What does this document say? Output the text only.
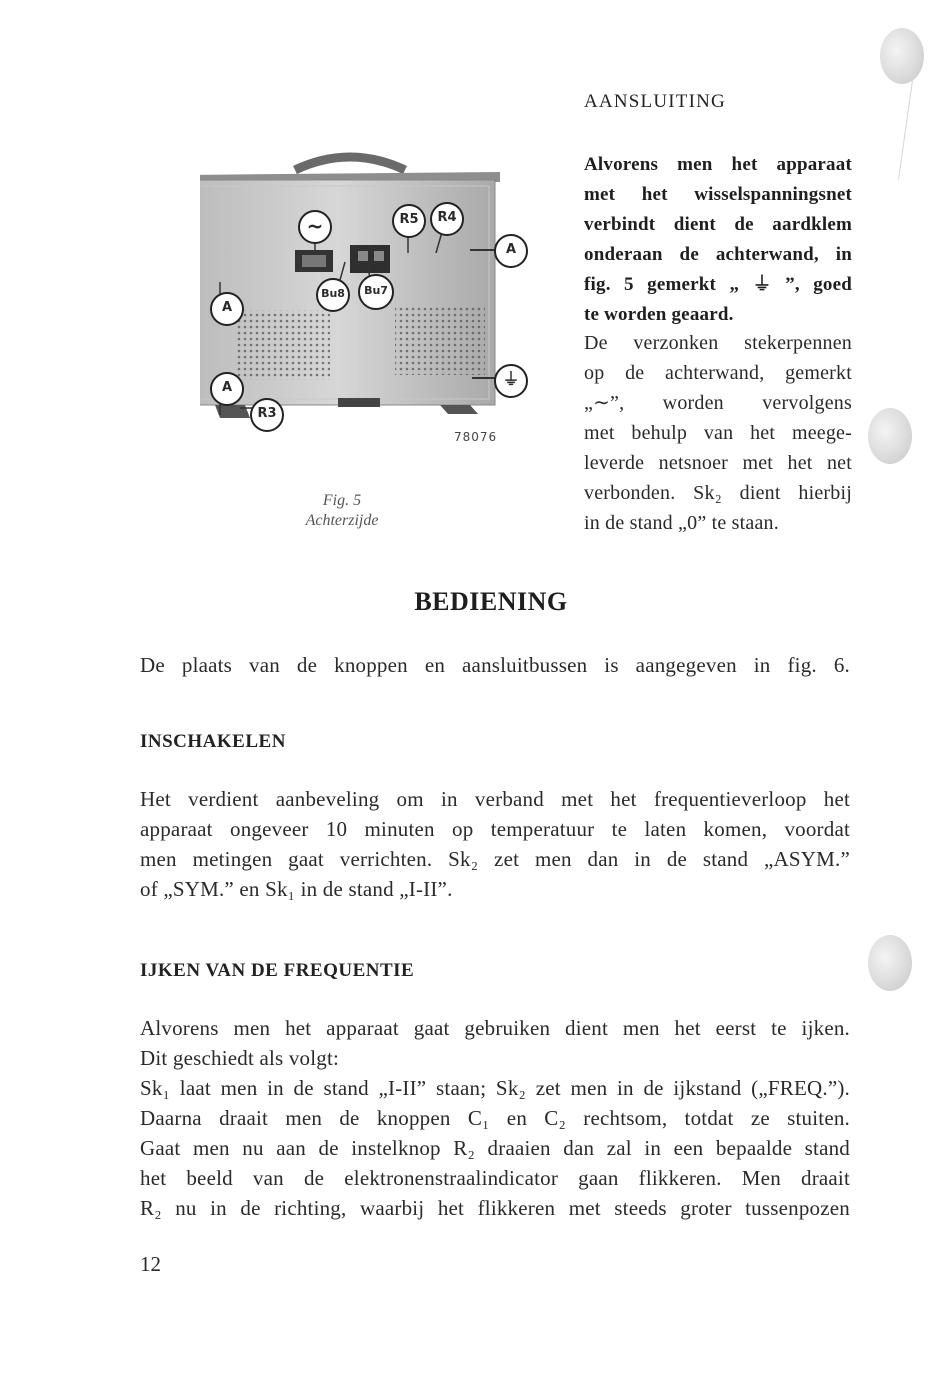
~	R5	R4
A
Bu8	Bu7
A
A
R3
⏚
78076
Fig. 5
Achterzijde
AANSLUITING
Alvorens men het apparaat
met het wisselspanningsnet
verbindt dient de aardklem
onderaan de achterwand, in
fig. 5 gemerkt „ ⏚ ”, goed
te worden geaard.
De verzonken stekerpennen
op de achterwand, gemerkt
„∼”, worden vervolgens
met behulp van het meege-
leverde netsnoer met het net
verbonden. Sk₂ dient hierbij
in de stand „0” te staan.
BEDIENING
De plaats van de knoppen en aansluitbussen is aangegeven in fig. 6.
INSCHAKELEN
Het verdient aanbeveling om in verband met het frequentieverloop het
apparaat ongeveer 10 minuten op temperatuur te laten komen, voordat
men metingen gaat verrichten. Sk₂ zet men dan in de stand „ASYM.”
of „SYM.” en Sk₁ in de stand „I-II”.
IJKEN VAN DE FREQUENTIE
Alvorens men het apparaat gaat gebruiken dient men het eerst te ijken.
Dit geschiedt als volgt:
Sk₁ laat men in de stand „I-II” staan; Sk₂ zet men in de ijkstand („FREQ.”).
Daarna draait men de knoppen C₁ en C₂ rechtsom, totdat ze stuiten.
Gaat men nu aan de instelknop R₂ draaien dan zal in een bepaalde stand
het beeld van de elektronenstraalindicator gaan flikkeren. Men draait
R₂ nu in de richting, waarbij het flikkeren met steeds groter tussenpozen
12
